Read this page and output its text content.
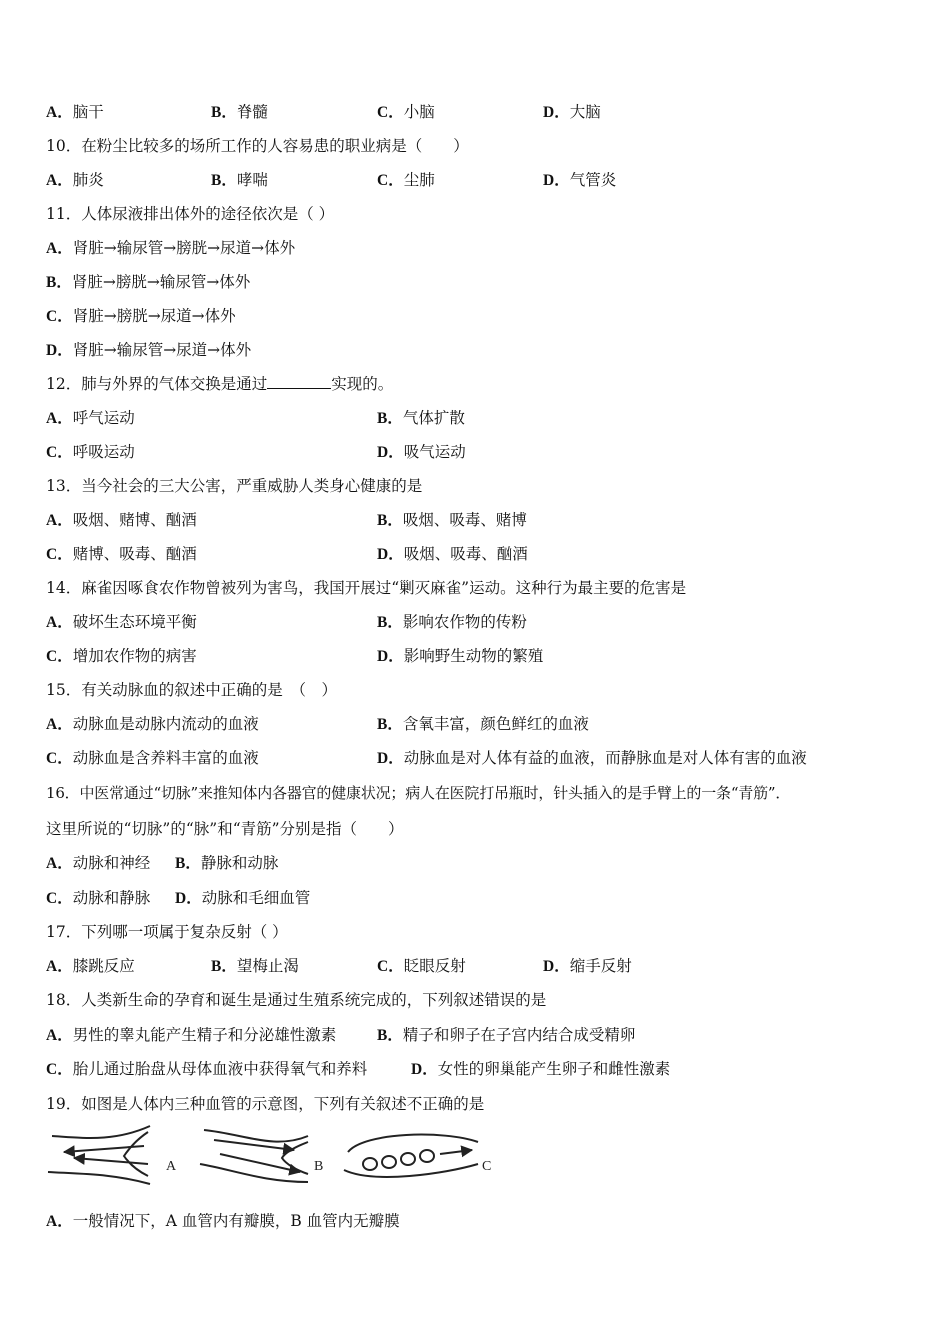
A．脑干	B．脊髓	C．小脑	D．大脑
10．在粉尘比较多的场所工作的人容易患的职业病是（　　）
A．肺炎	B．哮喘	C．尘肺	D．气管炎
11．人体尿液排出体外的途径依次是（ ）
A．肾脏→输尿管→膀胱→尿道→体外
B．肾脏→膀胱→输尿管→体外
C．肾脏→膀胱→尿道→体外
D．肾脏→输尿管→尿道→体外
12．肺与外界的气体交换是通过	实现的。
A．呼气运动	B．气体扩散
C．呼吸运动	D．吸气运动
13．当今社会的三大公害，严重威胁人类身心健康的是
A．吸烟、赌博、酗酒	B．吸烟、吸毒、赌博
C．赌博、吸毒、酗酒	D．吸烟、吸毒、酗酒
14．麻雀因啄食农作物曾被列为害鸟，我国开展过“剿灭麻雀”运动。这种行为最主要的危害是
A．破坏生态环境平衡	B．影响农作物的传粉
C．增加农作物的病害	D．影响野生动物的繁殖
15．有关动脉血的叙述中正确的是　（　）
A．动脉血是动脉内流动的血液	B．含氧丰富，颜色鲜红的血液
C．动脉血是含养料丰富的血液	D．动脉血是对人体有益的血液，而静脉血是对人体有害的血液
16．中医常通过“切脉”来推知体内各器官的健康状况；病人在医院打吊瓶时，针头插入的是手臂上的一条“青筋”．
这里所说的“切脉”的“脉”和“青筋”分别是指（　　）
A．动脉和神经 B．静脉和动脉
C．动脉和静脉 D．动脉和毛细血管
17．下列哪一项属于复杂反射（ ）
A．膝跳反应	B．望梅止渴	C．眨眼反射	D．缩手反射
18．人类新生命的孕育和诞生是通过生殖系统完成的，下列叙述错误的是
A．男性的睾丸能产生精子和分泌雄性激素	B．精子和卵子在子宫内结合成受精卵
C．胎儿通过胎盘从母体血液中获得氧气和养料	D．女性的卵巢能产生卵子和雌性激素
19．如图是人体内三种血管的示意图，下列有关叙述不正确的是
A	B	C
A．一般情况下，A 血管内有瓣膜，B 血管内无瓣膜
